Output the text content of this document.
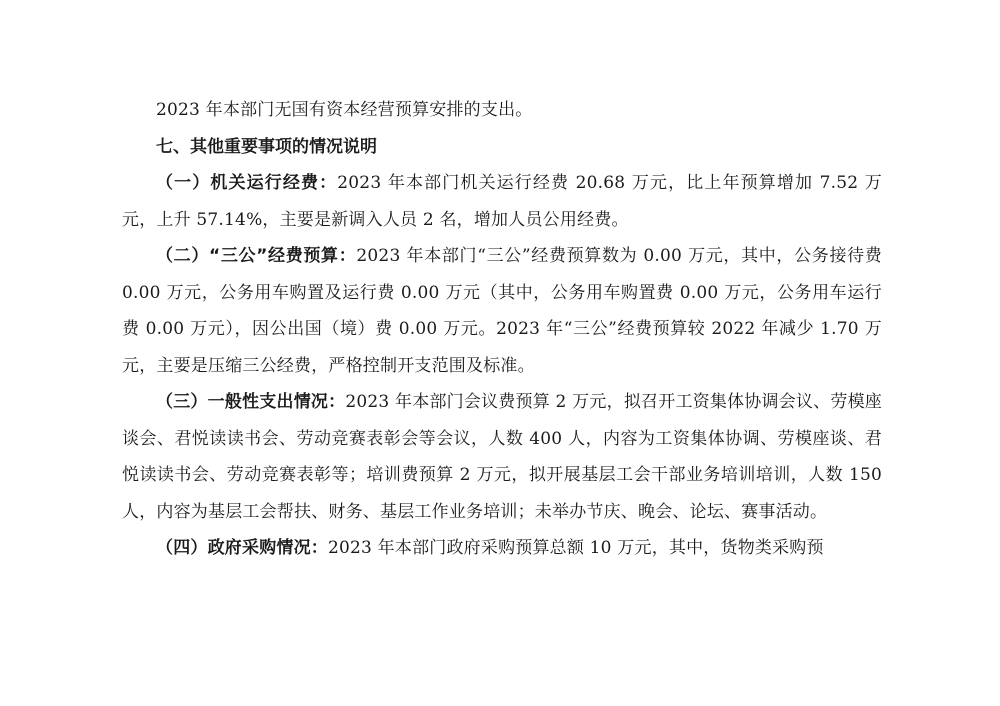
2023 年本部门无国有资本经营预算安排的支出。

七、其他重要事项的情况说明

（一）机关运行经费：2023 年本部门机关运行经费 20.68 万元，比上年预算增加 7.52 万元，上升 57.14%，主要是新调入人员 2 名，增加人员公用经费。

（二）“三公”经费预算：2023 年本部门“三公”经费预算数为 0.00 万元，其中，公务接待费 0.00 万元，公务用车购置及运行费 0.00 万元（其中，公务用车购置费 0.00 万元，公务用车运行费 0.00 万元），因公出国（境）费 0.00 万元。2023 年“三公”经费预算较 2022 年减少 1.70 万元，主要是压缩三公经费，严格控制开支范围及标准。

（三）一般性支出情况：2023 年本部门会议费预算 2 万元，拟召开工资集体协调会议、劳模座谈会、君悦读读书会、劳动竞赛表彰会等会议，人数 400 人，内容为工资集体协调、劳模座谈、君悦读读书会、劳动竞赛表彰等；培训费预算 2 万元，拟开展基层工会干部业务培训培训，人数 150 人，内容为基层工会帮扶、财务、基层工作业务培训；未举办节庆、晚会、论坛、赛事活动。

（四）政府采购情况：2023 年本部门政府采购预算总额 10 万元，其中，货物类采购预
